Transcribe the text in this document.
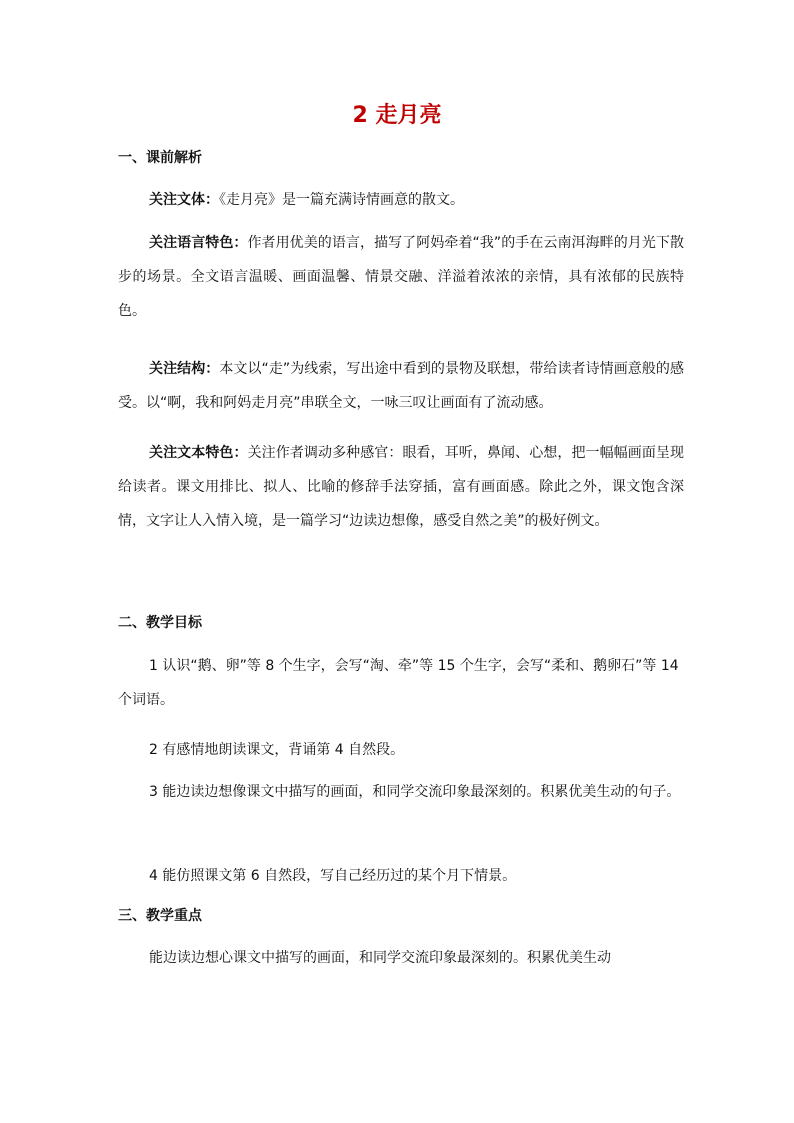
2 走月亮
一、课前解析
关注文体：《走月亮》是一篇充满诗情画意的散文。
关注语言特色：作者用优美的语言，描写了阿妈牵着“我”的手在云南洱海畔的月光下散步的场景。全文语言温暖、画面温馨、情景交融、洋溢着浓浓的亲情，具有浓郁的民族特色。
关注结构：本文以“走”为线索，写出途中看到的景物及联想，带给读者诗情画意般的感受。以“啊，我和阿妈走月亮”串联全文，一咏三叹让画面有了流动感。
关注文本特色：关注作者调动多种感官：眼看，耳听，鼻闻、心想，把一幅幅画面呈现给读者。课文用排比、拟人、比喻的修辞手法穿插，富有画面感。除此之外，课文饱含深情，文字让人入情入境，是一篇学习“边读边想像，感受自然之美”的极好例文。
二、教学目标
1 认识“鹅、卵”等 8 个生字，会写“淘、牵”等 15 个生字，会写“柔和、鹅卵石”等 14 个词语。
2 有感情地朗读课文，背诵第 4 自然段。
3 能边读边想像课文中描写的画面，和同学交流印象最深刻的。积累优美生动的句子。
4 能仿照课文第 6 自然段，写自己经历过的某个月下情景。
三、教学重点
能边读边想心课文中描写的画面，和同学交流印象最深刻的。积累优美生动
